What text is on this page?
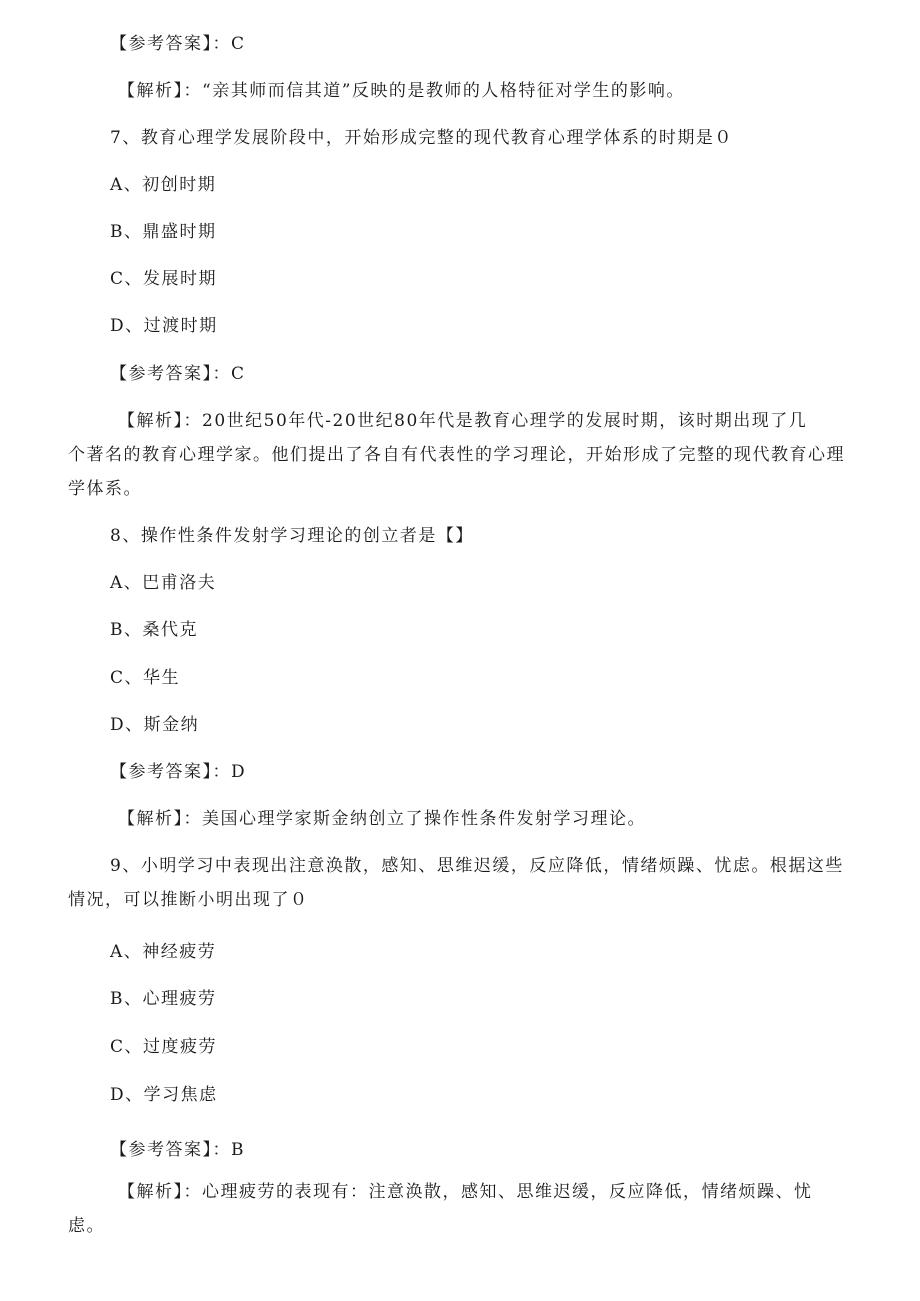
【参考答案】：C
【解析】：“亲其师而信其道”反映的是教师的人格特征对学生的影响。
7、教育心理学发展阶段中，开始形成完整的现代教育心理学体系的时期是０
A、初创时期
B、鼎盛时期
C、发展时期
D、过渡时期
【参考答案】：C
【解析】：20世纪50年代-20世纪80年代是教育心理学的发展时期，该时期出现了几
个著名的教育心理学家。他们提出了各自有代表性的学习理论，开始形成了完整的现代教育心理
学体系。
8、操作性条件发射学习理论的创立者是【】
A、巴甫洛夫
B、桑代克
C、华生
D、斯金纳
【参考答案】：D
【解析】：美国心理学家斯金纳创立了操作性条件发射学习理论。
9、小明学习中表现出注意涣散，感知、思维迟缓，反应降低，情绪烦躁、忧虑。根据这些
情况，可以推断小明出现了０
A、神经疲劳
B、心理疲劳
C、过度疲劳
D、学习焦虑
【参考答案】：B
【解析】：心理疲劳的表现有：注意涣散，感知、思维迟缓，反应降低，情绪烦躁、忧
虑。
